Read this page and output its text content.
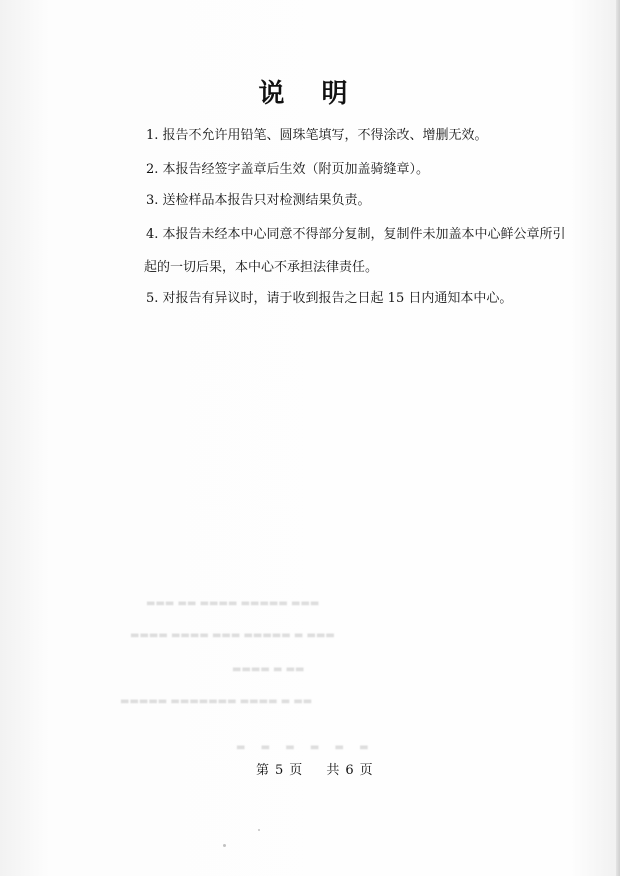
说 明
1. 报告不允许用铅笔、圆珠笔填写，不得涂改、增删无效。
2. 本报告经签字盖章后生效（附页加盖骑缝章）。
3. 送检样品本报告只对检测结果负责。
4. 本报告未经本中心同意不得部分复制，复制件未加盖本中心鲜公章所引
起的一切后果，本中心不承担法律责任。
5. 对报告有异议时，请于收到报告之日起 15 日内通知本中心。
▬▬▬ ▬▬ ▬▬▬▬ ▬▬▬▬▬ ▬▬▬
▬▬▬▬ ▬▬▬▬ ▬▬▬ ▬▬▬▬▬ ▬ ▬▬▬
▬▬▬▬ ▬ ▬▬
▬▬▬▬▬ ▬▬▬▬▬▬▬ ▬▬▬▬ ▬ ▬▬
▬ ▬ ▬ ▬ ▬ ▬
第 5 页 共 6 页
